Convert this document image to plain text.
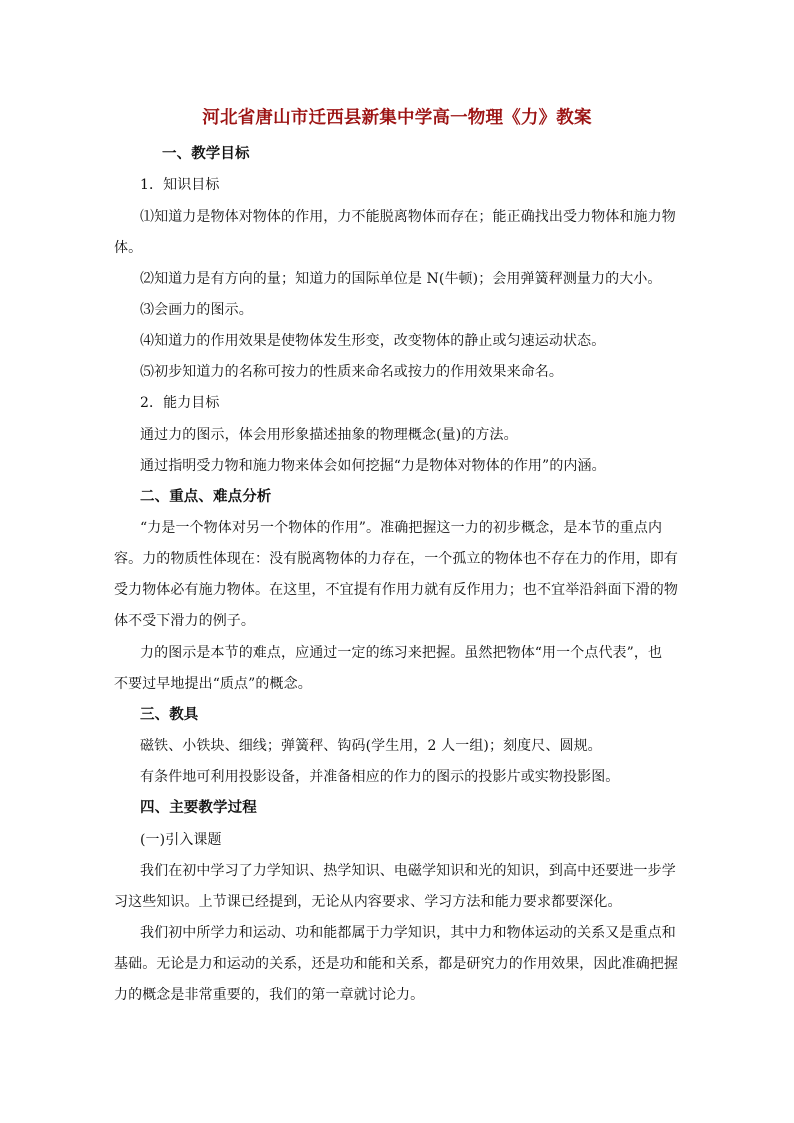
河北省唐山市迁西县新集中学高一物理《力》教案
一、教学目标
1．知识目标
⑴知道力是物体对物体的作用，力不能脱离物体而存在；能正确找出受力物体和施力物
体。
⑵知道力是有方向的量；知道力的国际单位是 N(牛顿)；会用弹簧秤测量力的大小。
⑶会画力的图示。
⑷知道力的作用效果是使物体发生形变，改变物体的静止或匀速运动状态。
⑸初步知道力的名称可按力的性质来命名或按力的作用效果来命名。
2．能力目标
通过力的图示，体会用形象描述抽象的物理概念(量)的方法。
通过指明受力物和施力物来体会如何挖掘“力是物体对物体的作用”的内涵。
二、重点、难点分析
“力是一个物体对另一个物体的作用”。准确把握这一力的初步概念，是本节的重点内
容。力的物质性体现在：没有脱离物体的力存在，一个孤立的物体也不存在力的作用，即有
受力物体必有施力物体。在这里，不宜提有作用力就有反作用力；也不宜举沿斜面下滑的物
体不受下滑力的例子。
力的图示是本节的难点，应通过一定的练习来把握。虽然把物体“用一个点代表”，也
不要过早地提出“质点”的概念。
三、教具
磁铁、小铁块、细线；弹簧秤、钩码(学生用，2 人一组)；刻度尺、圆规。
有条件地可利用投影设备，并准备相应的作力的图示的投影片或实物投影图。
四、主要教学过程
(一)引入课题
我们在初中学习了力学知识、热学知识、电磁学知识和光的知识，到高中还要进一步学
习这些知识。上节课已经提到，无论从内容要求、学习方法和能力要求都要深化。
我们初中所学力和运动、功和能都属于力学知识，其中力和物体运动的关系又是重点和
基础。无论是力和运动的关系，还是功和能和关系，都是研究力的作用效果，因此准确把握
力的概念是非常重要的，我们的第一章就讨论力。
